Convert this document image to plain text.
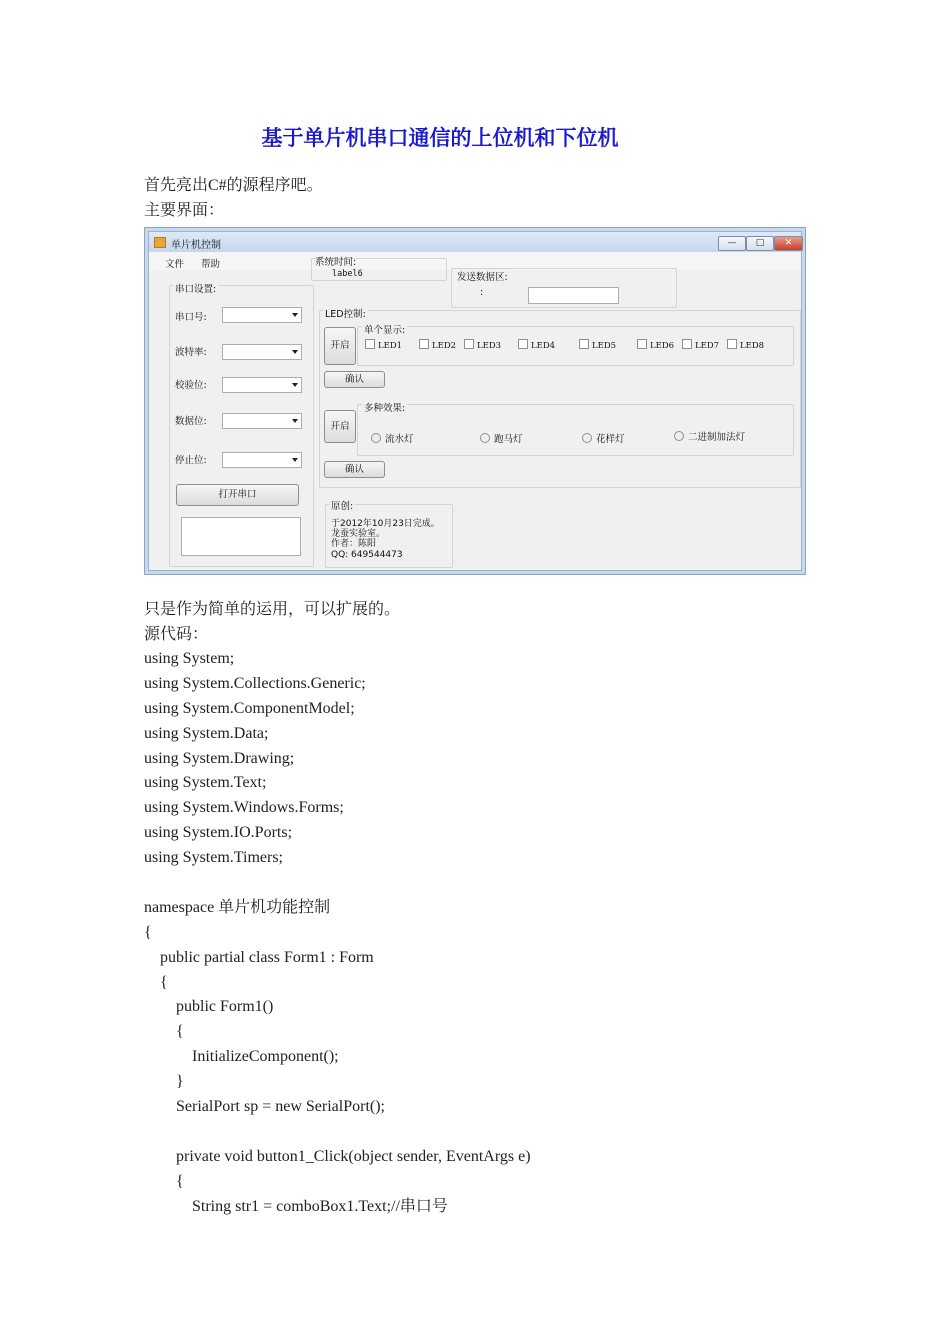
基于单片机串口通信的上位机和下位机
首先亮出C#的源程序吧。
主要界面：
单片机控制	—	□	✕
文件 帮助	系统时间:
label6	发送数据区:
:
串口设置:
串口号:
波特率:
校验位:
数据位:
停止位:
打开串口
LED控制:
单个显示:
开启	LED1	LED2	LED3	LED4	LED5	LED6	LED7	LED8
确认
多种效果:
开启
流水灯	跑马灯	花样灯	二进制加法灯
确认
原创:
于2012年10月23日完成。
龙蚕实验室。
作者：陈阳
QQ: 649544473
只是作为简单的运用，可以扩展的。
源代码：
using System;
using System.Collections.Generic;
using System.ComponentModel;
using System.Data;
using System.Drawing;
using System.Text;
using System.Windows.Forms;
using System.IO.Ports;
using System.Timers;
namespace 单片机功能控制
{
public partial class Form1 : Form
{
public Form1()
{
InitializeComponent();
}
SerialPort sp = new SerialPort();
private void button1_Click(object sender, EventArgs e)
{
String str1 = comboBox1.Text;//串口号
